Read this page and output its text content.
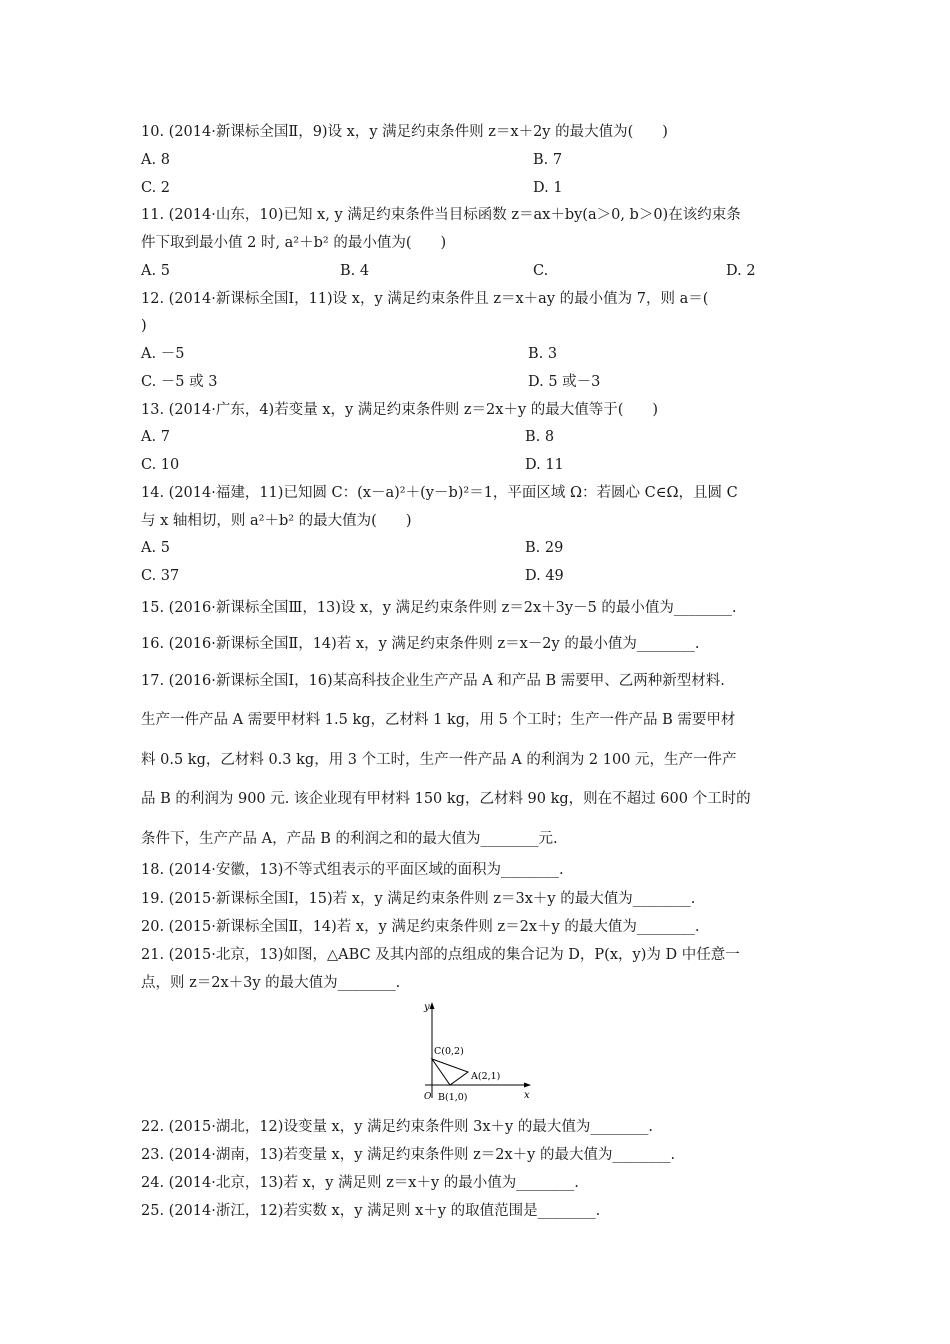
10. (2014·新课标全国Ⅱ，9)设 x，y 满足约束条件则 z＝x＋2y 的最大值为(　　)
A. 8	B. 7
C. 2	D. 1
11. (2014·山东，10)已知 x, y 满足约束条件当目标函数 z＝ax＋by(a＞0, b＞0)在该约束条
件下取到最小值 2 时, a²＋b² 的最小值为(　　)
A. 5	B. 4	C.	D. 2
12. (2014·新课标全国Ⅰ，11)设 x，y 满足约束条件且 z＝x＋ay 的最小值为 7，则 a＝(
)
A. －5	B. 3
C. －5 或 3	D. 5 或－3
13. (2014·广东，4)若变量 x，y 满足约束条件则 z＝2x＋y 的最大值等于(　　)
A. 7	B. 8
C. 10	D. 11
14. (2014·福建，11)已知圆 C：(x－a)²＋(y－b)²＝1，平面区域 Ω：若圆心 C∈Ω，且圆 C
与 x 轴相切，则 a²＋b² 的最大值为(　　)
A. 5	B. 29
C. 37	D. 49
15. (2016·新课标全国Ⅲ，13)设 x，y 满足约束条件则 z＝2x＋3y－5 的最小值为________.
16. (2016·新课标全国Ⅱ，14)若 x，y 满足约束条件则 z＝x－2y 的最小值为________.
17. (2016·新课标全国Ⅰ，16)某高科技企业生产产品 A 和产品 B 需要甲、乙两种新型材料.
生产一件产品 A 需要甲材料 1.5 kg，乙材料 1 kg，用 5 个工时；生产一件产品 B 需要甲材
料 0.5 kg，乙材料 0.3 kg，用 3 个工时，生产一件产品 A 的利润为 2 100 元，生产一件产
品 B 的利润为 900 元. 该企业现有甲材料 150 kg，乙材料 90 kg，则在不超过 600 个工时的
条件下，生产产品 A，产品 B 的利润之和的最大值为________元.
18. (2014·安徽，13)不等式组表示的平面区域的面积为________.
19. (2015·新课标全国Ⅰ，15)若 x，y 满足约束条件则 z＝3x＋y 的最大值为________.
20. (2015·新课标全国Ⅱ，14)若 x，y 满足约束条件则 z＝2x＋y 的最大值为________.
21. (2015·北京，13)如图，△ABC 及其内部的点组成的集合记为 D，P(x，y)为 D 中任意一
点，则 z＝2x＋3y 的最大值为________.
y
x
O
C(0,2)
A(2,1)
B(1,0)
22. (2015·湖北，12)设变量 x，y 满足约束条件则 3x＋y 的最大值为________.
23. (2014·湖南，13)若变量 x，y 满足约束条件则 z＝2x＋y 的最大值为________.
24. (2014·北京，13)若 x，y 满足则 z＝x＋y 的最小值为________.
25. (2014·浙江，12)若实数 x，y 满足则 x＋y 的取值范围是________.
